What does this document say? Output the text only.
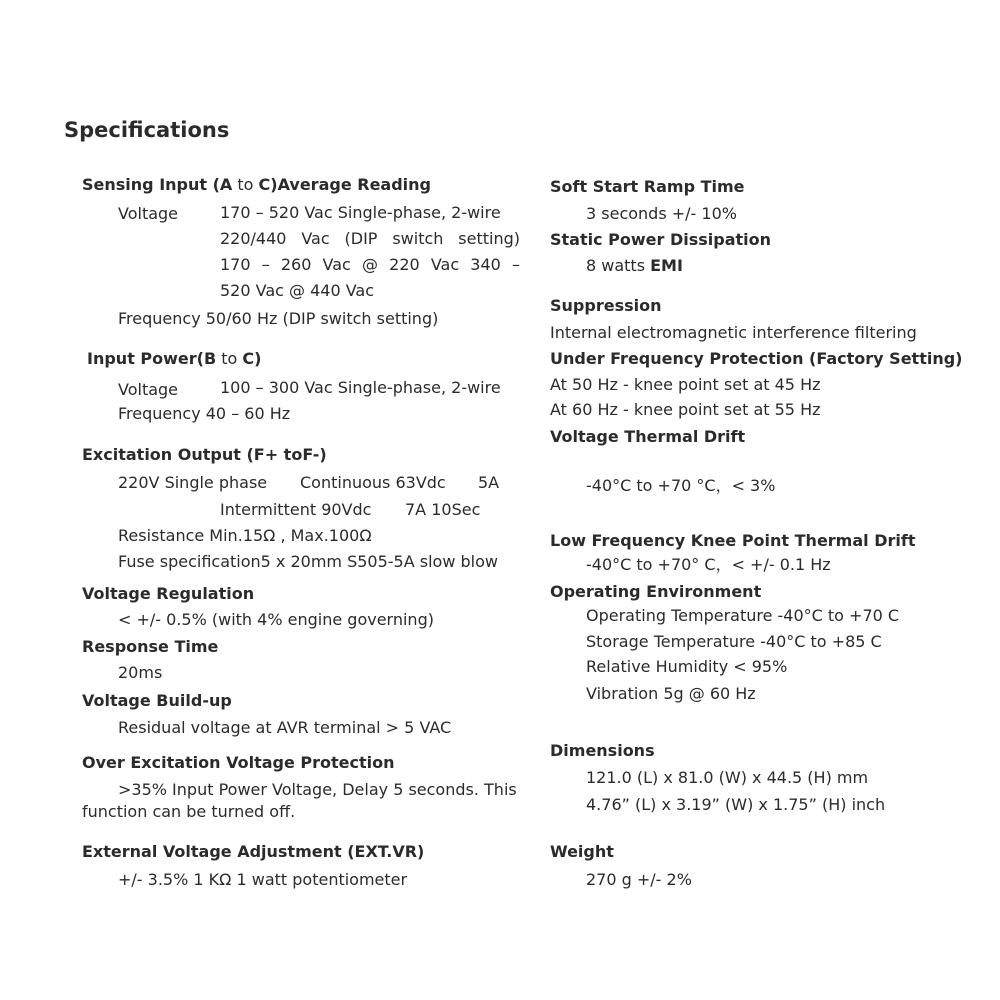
Specifications
Sensing Input (A to C)Average Reading
Voltage	170 – 520 Vac Single-phase, 2-wire
220/440 Vac (DIP switch setting)
170 – 260 Vac @ 220 Vac 340 –
520 Vac @ 440 Vac
Frequency 50/60 Hz (DIP switch setting)
Input Power(B to C)
Voltage	100 – 300 Vac Single-phase, 2-wire
Frequency 40 – 60 Hz
Excitation Output (F+ toF-)
220V Single phase Continuous 63Vdc 5A
Intermittent 90Vdc 7A 10Sec
Resistance Min.15Ω , Max.100Ω
Fuse specification5 x 20mm S505-5A slow blow
Voltage Regulation
< +/- 0.5% (with 4% engine governing)
Response Time
20ms
Voltage Build-up
Residual voltage at AVR terminal > 5 VAC
Over Excitation Voltage Protection
>35% Input Power Voltage, Delay 5 seconds. This
function can be turned off.
External Voltage Adjustment (EXT.VR)
+/- 3.5% 1 KΩ 1 watt potentiometer
Soft Start Ramp Time
3 seconds +/- 10%
Static Power Dissipation
8 watts EMI
Suppression
Internal electromagnetic interference filtering
Under Frequency Protection (Factory Setting)
At 50 Hz - knee point set at 45 Hz
At 60 Hz - knee point set at 55 Hz
Voltage Thermal Drift
-40°C to +70 °C，< 3%
Low Frequency Knee Point Thermal Drift
-40°C to +70° C，< +/- 0.1 Hz
Operating Environment
Operating Temperature -40°C to +70 C
Storage Temperature -40°C to +85 C
Relative Humidity < 95%
Vibration 5g @ 60 Hz
Dimensions
121.0 (L) x 81.0 (W) x 44.5 (H) mm
4.76” (L) x 3.19” (W) x 1.75” (H) inch
Weight
270 g +/- 2%
